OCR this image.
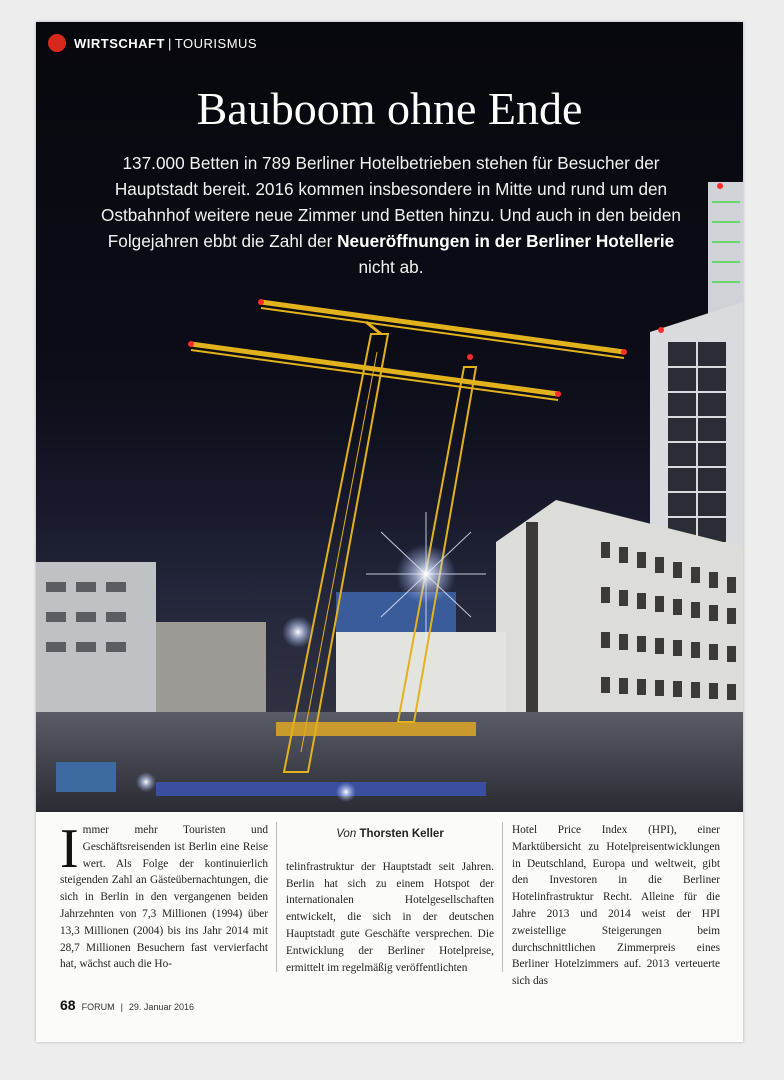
WIRTSCHAFT | TOURISMUS
Bauboom ohne Ende
137.000 Betten in 789 Berliner Hotelbetrieben stehen für Besucher der Hauptstadt bereit. 2016 kommen insbesondere in Mitte und rund um den Ostbahnhof weitere neue Zimmer und Betten hinzu. Und auch in den beiden Folgejahren ebbt die Zahl der Neueröffnungen in der Berliner Hotellerie nicht ab.

Immer mehr Touristen und Geschäftsreisenden ist Berlin eine Reise wert. Als Folge der kontinuierlich steigenden Zahl an Gästeübernachtungen, die sich in Berlin in den vergangenen beiden Jahrzehnten von 7,3 Millionen (1994) über 13,3 Millionen (2004) bis ins Jahr 2014 mit 28,7 Millionen Besuchern fast vervierfacht hat, wächst auch die Ho-

Von Thorsten Keller

telinfrastruktur der Hauptstadt seit Jahren. Berlin hat sich zu einem Hotspot der internationalen Hotelgesellschaften entwickelt, die sich in der deutschen Hauptstadt gute Geschäfte versprechen. Die Entwicklung der Berliner Hotelpreise, ermittelt im regelmäßig veröffentlichten

Hotel Price Index (HPI), einer Marktübersicht zu Hotelpreisentwicklungen in Deutschland, Europa und weltweit, gibt den Investoren in die Berliner Hotelinfrastruktur Recht. Alleine für die Jahre 2013 und 2014 weist der HPI zweistellige Steigerungen beim durchschnittlichen Zimmerpreis eines Berliner Hotelzimmers auf. 2013 verteuerte sich das

68 FORUM | 29. Januar 2016
